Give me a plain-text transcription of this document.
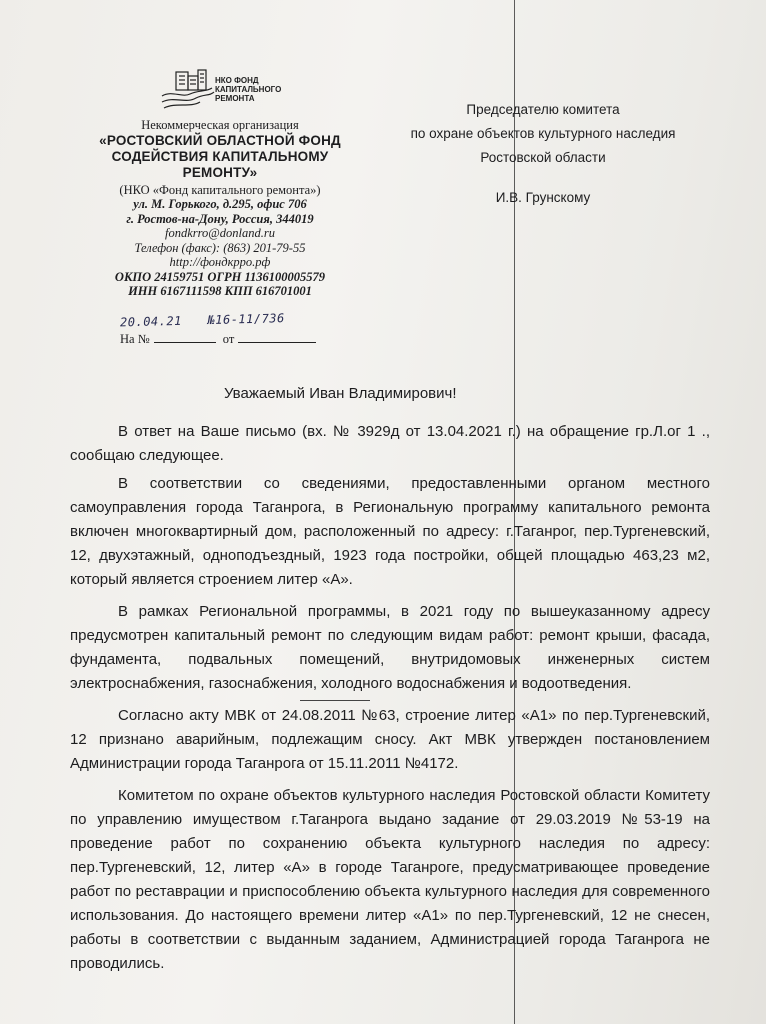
НКО ФОНД
КАПИТАЛЬНОГО
РЕМОНТА
Некоммерческая организация
«РОСТОВСКИЙ ОБЛАСТНОЙ ФОНД
СОДЕЙСТВИЯ КАПИТАЛЬНОМУ
РЕМОНТУ»
(НКО «Фонд капитального ремонта»)
ул. М. Горького, д.295, офис 706
г. Ростов-на-Дону, Россия, 344019
fondkrro@donland.ru
Телефон (факс): (863) 201-79-55
http://фондкрро.рф
ОКПО 24159751 ОГРН 1136100005579
ИНН 6167111598 КПП 616701001
20.04.21 №16-11/736
На №	от
Председателю комитета
по охране объектов культурного наследия
Ростовской области
И.В. Грунскому
Уважаемый Иван Владимирович!

В ответ на Ваше письмо (вх. № 3929д от 13.04.2021 г.) на обращение гр.Л.ог 1 ., сообщаю следующее.

В соответствии со сведениями, предоставленными органом местного самоуправления города Таганрога, в Региональную программу капитального ремонта включен многоквартирный дом, расположенный по адресу: г.Таганрог, пер.Тургеневский, 12, двухэтажный, одноподъездный, 1923 года постройки, общей площадью 463,23 м2, который является строением литер «А».

В рамках Региональной программы, в 2021 году по вышеуказанному адресу предусмотрен капитальный ремонт по следующим видам работ: ремонт крыши, фасада, фундамента, подвальных помещений, внутридомовых инженерных систем электроснабжения, газоснабжения, холодного водоснабжения и водоотведения.

Согласно акту МВК от 24.08.2011 №63, строение литер «А1» по пер.Тургеневский, 12 признано аварийным, подлежащим сносу. Акт МВК утвержден постановлением Администрации города Таганрога от 15.11.2011 №4172.

Комитетом по охране объектов культурного наследия Ростовской области Комитету по управлению имуществом г.Таганрога выдано задание от 29.03.2019 №53-19 на проведение работ по сохранению объекта культурного наследия по адресу: пер.Тургеневский, 12, литер «А» в городе Таганроге, предусматривающее проведение работ по реставрации и приспособлению объекта культурного наследия для современного использования. До настоящего времени литер «А1» по пер.Тургеневский, 12 не снесен, работы в соответствии с выданным заданием, Администрацией города Таганрога не проводились.
